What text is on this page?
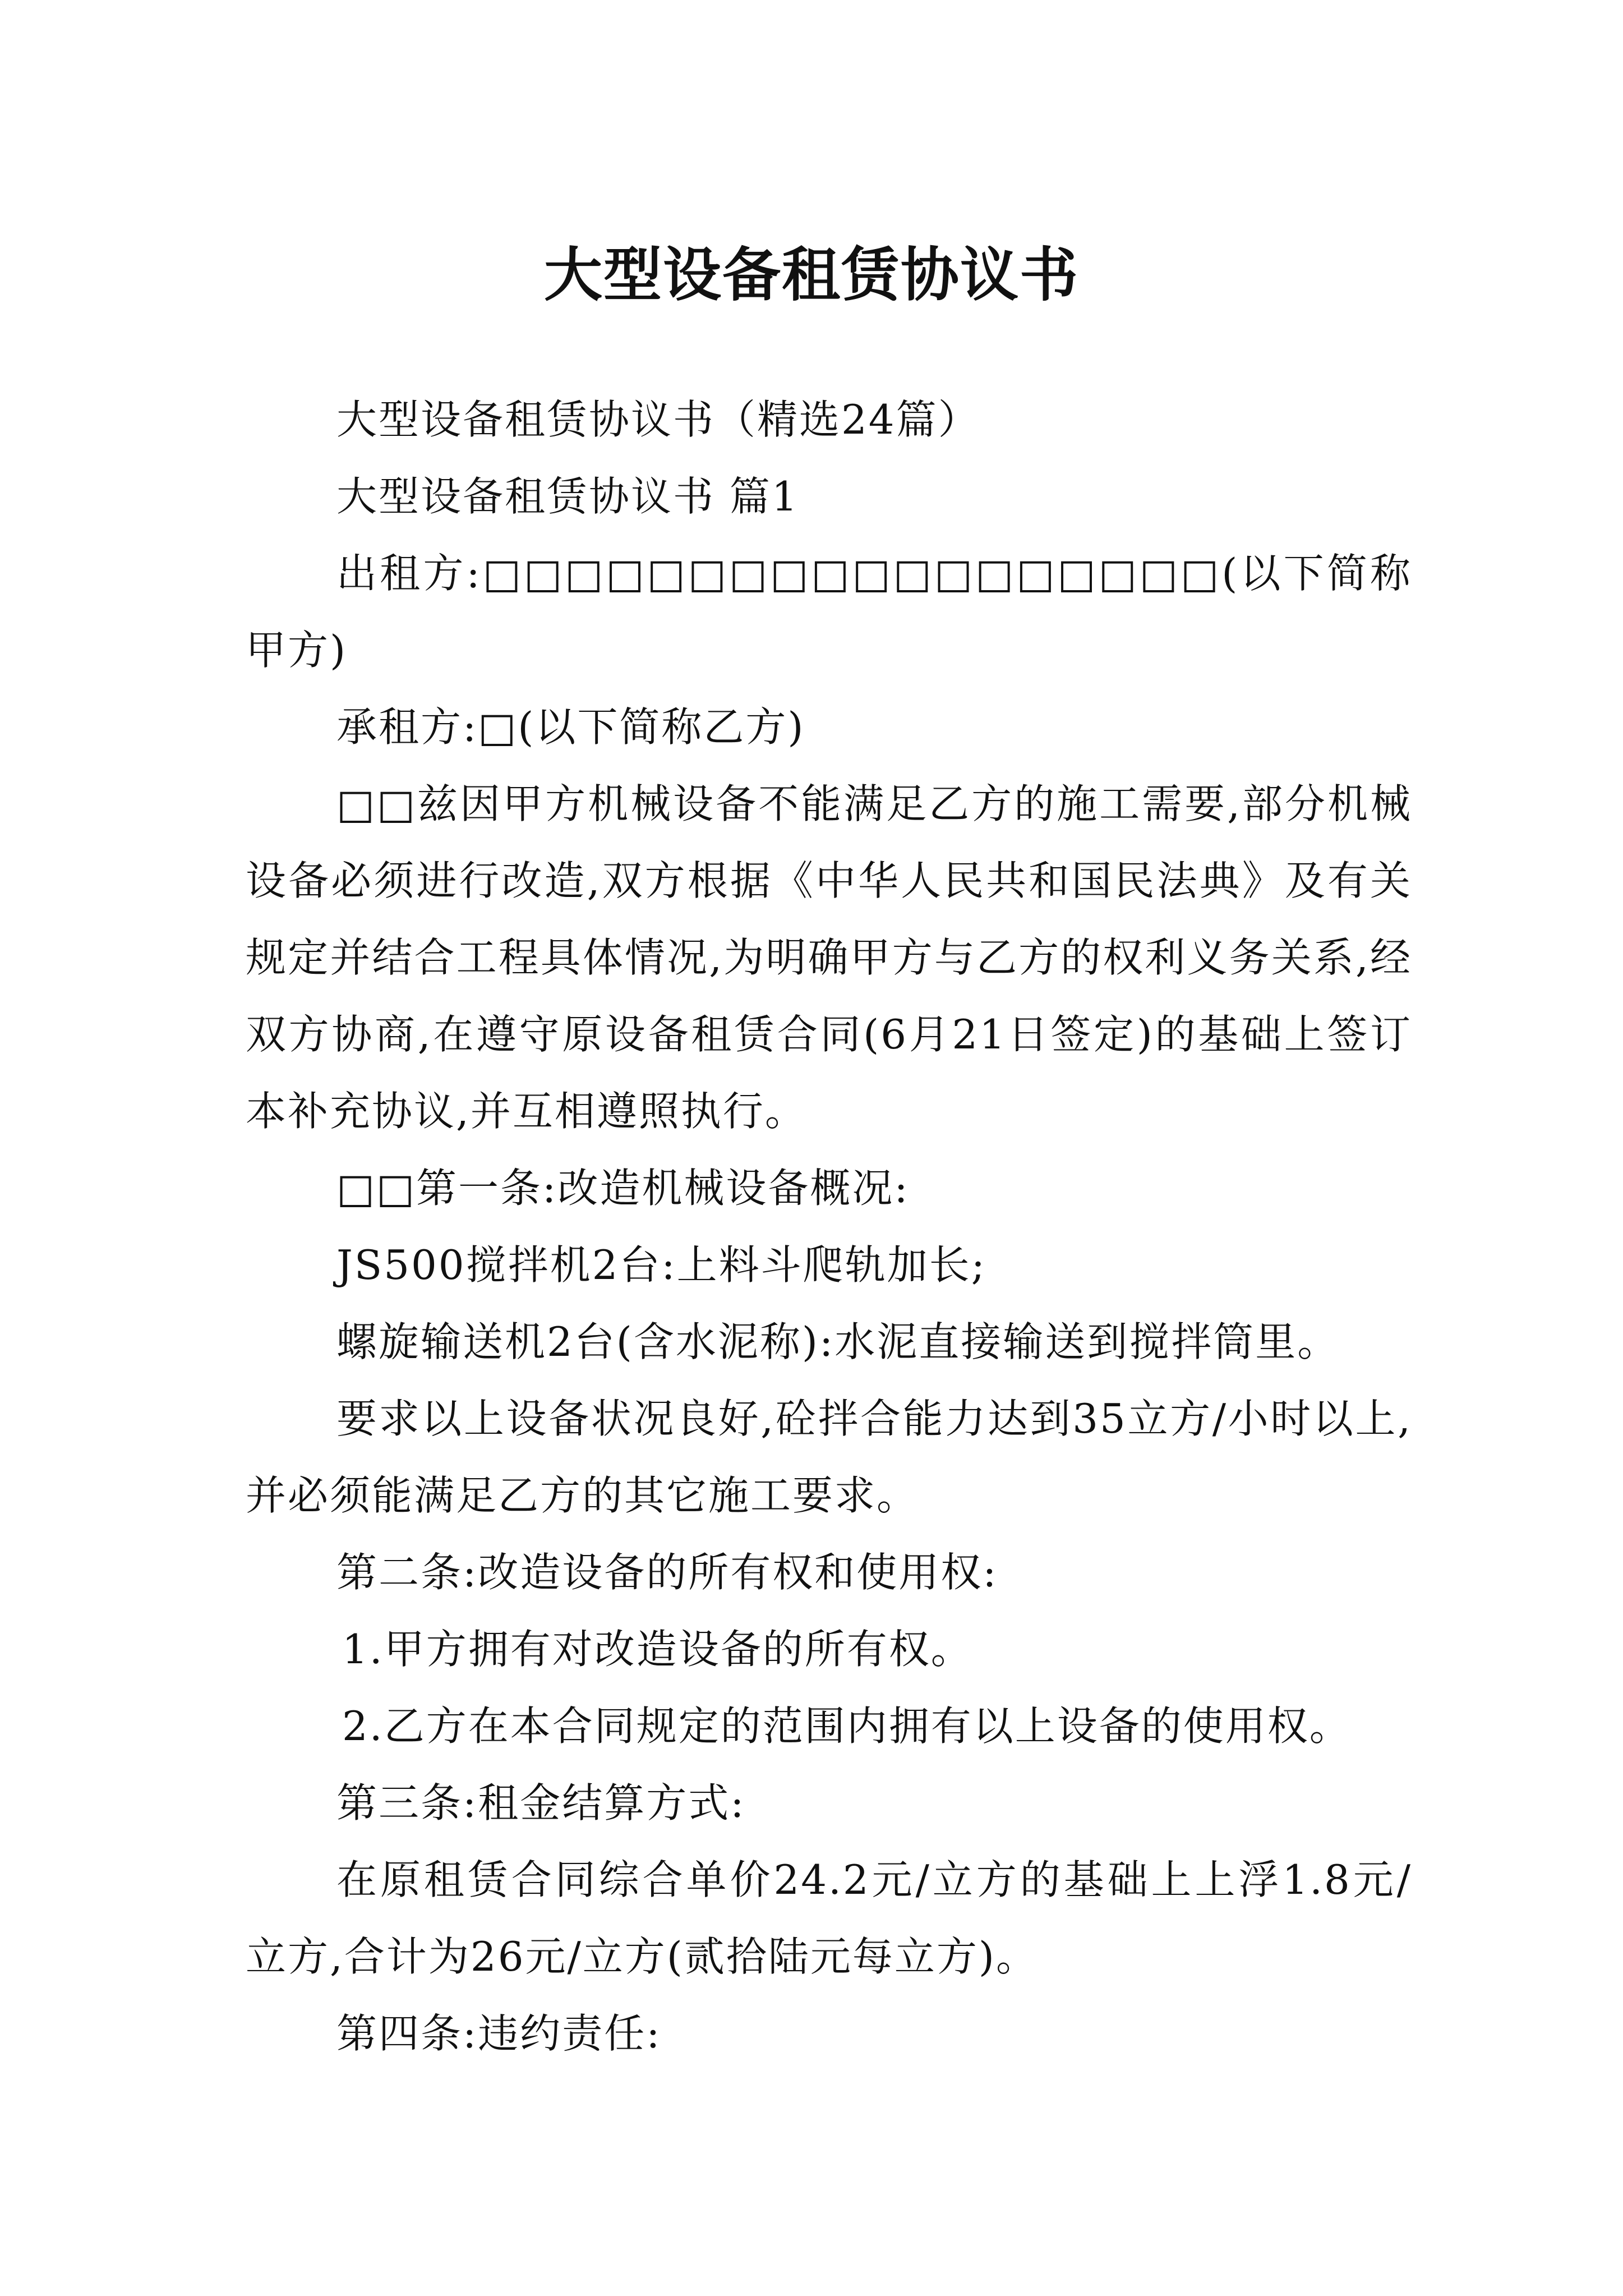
大型设备租赁协议书

大型设备租赁协议书（精选24篇）

大型设备租赁协议书 篇1

出租方:□□□□□□□□□□□□□□□□□□(以下简称甲方)

承租方:□(以下简称乙方)

□□兹因甲方机械设备不能满足乙方的施工需要,部分机械设备必须进行改造,双方根据《中华人民共和国民法典》及有关规定并结合工程具体情况,为明确甲方与乙方的权利义务关系,经双方协商,在遵守原设备租赁合同(6月21日签定)的基础上签订本补充协议,并互相遵照执行。

□□第一条:改造机械设备概况:

JS500搅拌机2台:上料斗爬轨加长;

螺旋输送机2台(含水泥称):水泥直接输送到搅拌筒里。

要求以上设备状况良好,砼拌合能力达到35立方/小时以上,并必须能满足乙方的其它施工要求。

第二条:改造设备的所有权和使用权:

1.甲方拥有对改造设备的所有权。

2.乙方在本合同规定的范围内拥有以上设备的使用权。

第三条:租金结算方式:

在原租赁合同综合单价24.2元/立方的基础上上浮1.8元/立方,合计为26元/立方(贰拾陆元每立方)。

第四条:违约责任:
